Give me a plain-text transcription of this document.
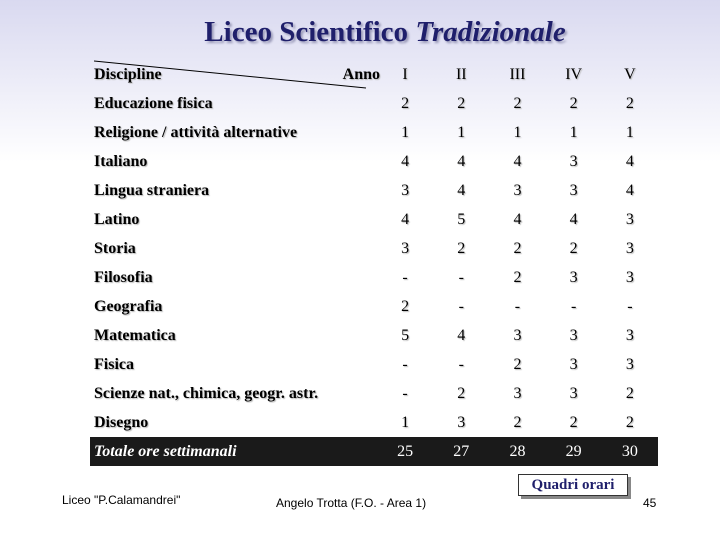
Liceo Scientifico Tradizionale
Discipline Anno	I	II	III	IV	V
Educazione fisica	2	2	2	2	2
Religione / attività alternative	1	1	1	1	1
Italiano	4	4	4	3	4
Lingua straniera	3	4	3	3	4
Latino	4	5	4	4	3
Storia	3	2	2	2	3
Filosofia	-	-	2	3	3
Geografia	2	-	-	-	-
Matematica	5	4	3	3	3
Fisica	-	-	2	3	3
Scienze nat., chimica, geogr. astr.	-	2	3	3	2
Disegno	1	3	2	2	2
Totale ore settimanali	25	27	28	29	30
Quadri orari
Liceo "P.Calamandrei"	Angelo Trotta (F.O. - Area 1)	45
